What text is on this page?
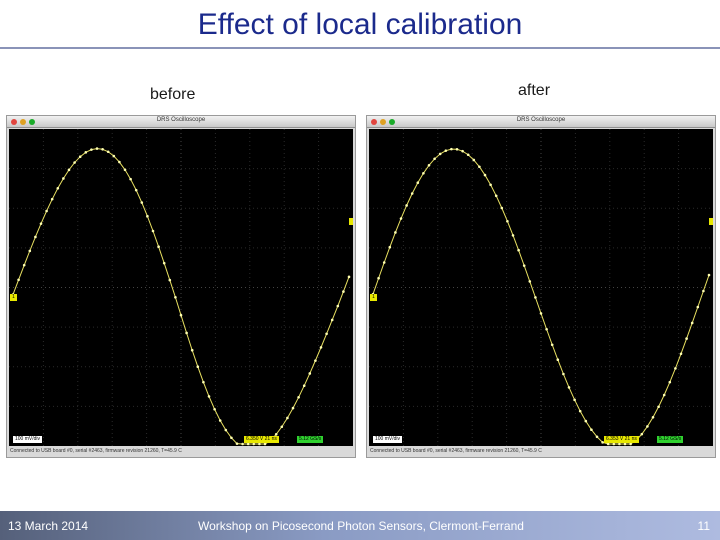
Effect of local calibration
before	after
DRS Oscilloscope
1
100 mV/div	6.350 V 21 ns	5.12 GS/s
Connected to USB board #0, serial #2463, firmware revision 21260, T=45.9 C
DRS Oscilloscope
1
100 mV/div	6.353 V 21 ns	5.12 GS/s
Connected to USB board #0, serial #2463, firmware revision 21260, T=45.9 C
13 March 2014	Workshop on Picosecond Photon Sensors, Clermont-Ferrand	11
